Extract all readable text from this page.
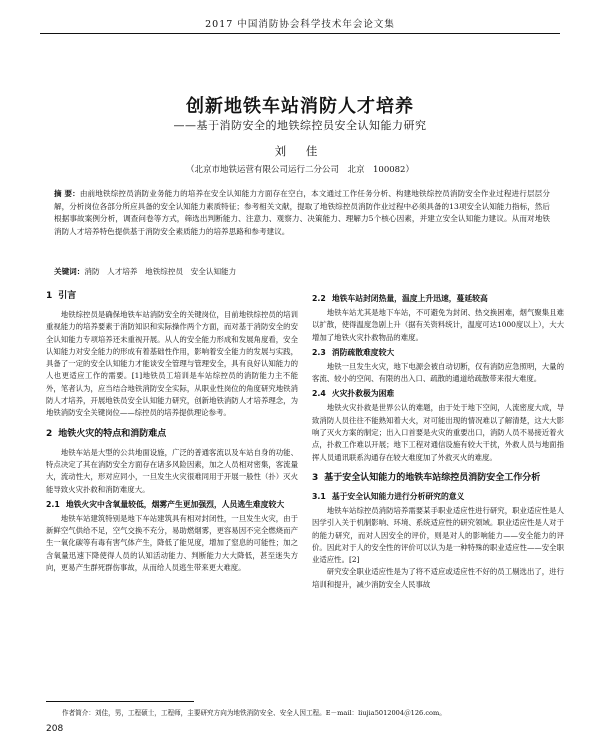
2017 中国消防协会科学技术年会论文集
创新地铁车站消防人才培养
——基于消防安全的地铁综控员安全认知能力研究
刘 佳
（北京市地铁运营有限公司运行二分公司　北京　100082）
摘 要：由前地铁综控员消防业务能力的培养在安全认知能力方面存在空白，本文通过工作任务分析、构建地铁综控员消防安全作业过程进行层层分解，分析岗位各部分所应具备的安全认知能力素质特征；参考相关文献，提取了地铁综控员消防作业过程中必须具备的13项安全认知能力指标，然后根据事故案例分析，调查问卷等方式，筛选出判断能力、注意力、观察力、决策能力、理解力5个核心因素，并建立安全认知能力建议。从而对地铁消防人才培养特色提供基于消防安全素质能力的培养思路和参考建议。
关键词：消防　人才培养　地铁综控员　安全认知能力
1 引言

地铁综控员是确保地铁车站消防安全的关键岗位，目前地铁综控员的培训重视能力的培养要素于消防知识和实际操作两个方面，而对基于消防安全的安全认知能力专项培养还未重视开展。从人的安全能力形成和发展角度看，安全认知能力对安全能力的形成有着基础性作用，影响着安全能力的发展与实践，具备了一定的安全认知能力才能谈安全管理与管理安全，具有良好认知能力的人也更适应工作的需要。[1]地铁员工培训是车站综控员的消防能力主不能外，笔者认为，应当结合地铁消防安全实际，从职业性岗位的角度研究地铁消防人才培养，开展地铁员安全认知能力研究，创新地铁消防人才培养理念，为地铁消防安全关键岗位——综控员的培养提供理论参考。

2 地铁火灾的特点和消防难点

地铁车站是大型的公共地面设施，广泛的普通客流以及车站自身的功能、特点决定了其在消防安全方面存在诸多风险因素，加之人员相对密集，客流量大，流动性大，形对应同小，一旦发生火灾很难同用于开展一般性（扑）灭火能导致火灾扑救和消防难度大。

2.1 地铁火灾中含氧量较低，烟雾产生更加强烈，人员逃生难度较大

地铁车站建筑特别是地下车站建筑具有相对封闭性，一旦发生火灾，由于新鲜空气供给不足，空气交换不充分，易助燃烟雾，更容易因不完全燃烧而产生一氧化碳等有毒有害气体产生，降低了能见度，增加了窒息的可能性；加之含氧量迅速下降使得人员的认知活动能力、判断能力大大降低，甚至迷失方向，更易产生群死群伤事故，从而给人员逃生带来更大难度。

2.2 地铁车站封闭热量，温度上升迅速，蔓延较高

地铁车站尤其是地下车站，不可避免为封闭、热交换困难，烟气聚集且难以扩散，使得温度急剧上升（据有关资料统计，温度可达1000度以上），大大增加了地铁火灾扑救物品的难度。

2.3 消防疏散难度较大

地铁一旦发生火灾，地下电源会被自动切断，仅有消防应急照明，大量的客流、较小的空间、有限的出入口、疏散的通道给疏散带来很大难度。

2.4 火灾扑救极为困难

地铁火灾扑救是世界公认的难题，由于处于地下空间，人流密度大成，导致消防人员往往不能熟知着大火，对可能出现的情况难以了解清楚，这大大影响了灭火方案的制定；出入口首要是火灾的重要出口，消防人员不易接近着火点，扑救工作难以开展；地下工程对通信设施有较大干扰，外救人员与地面指挥人员通讯联系沟通存在较大难度加了外救灭火的难度。

3 基于安全认知能力的地铁车站综控员消防安全工作分析
3.1 基于安全认知能力进行分析研究的意义

地铁车站综控员消防培养需要某手职业适应性进行研究，职业适应性是人因学引入关于机制影响、环境、系统适应性的研究领域。职业适应性是人对于的能力研究，而对人因安全的评价，则是对人的影响能力——安全能力的评价。因此对于人的安全性的评价可以认为是一种特殊的职业适应性——安全职业适应性。[2]

研究安全职业适应性是为了将不适应或适应性不好的员工剔选出了，进行培训和提升，减少消防安全人民事故

作者简介：刘佳，男，工程硕士，工程师，主要研究方向为地铁消防安全、安全人因工程。E－mail：liujia5012004＠126.com。
208
